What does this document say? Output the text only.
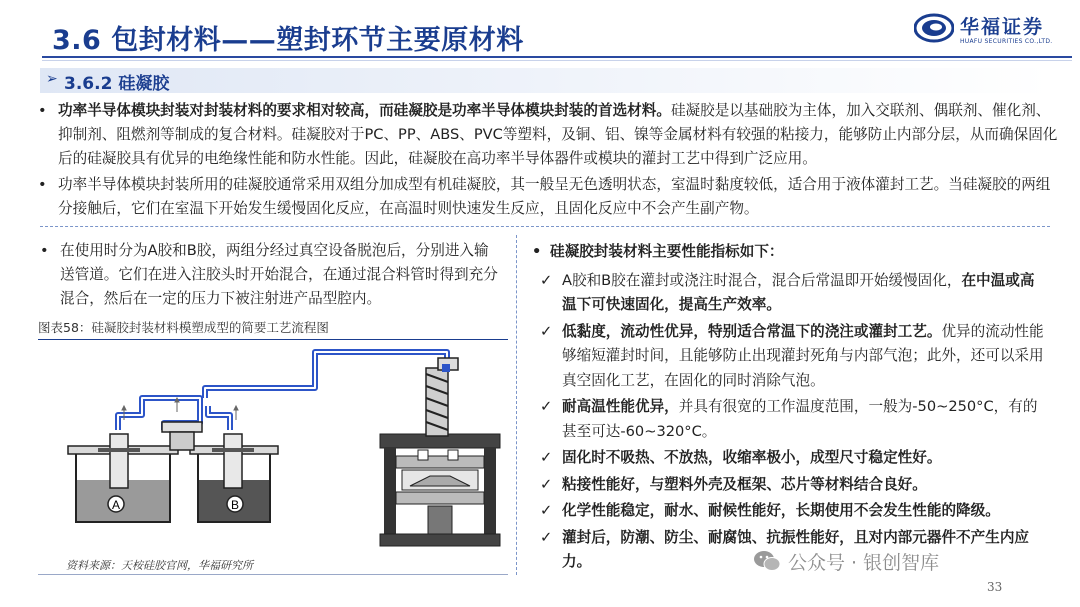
3.6 包封材料——塑封环节主要原材料	华福证券
HUAFU SECURITIES CO.,LTD.
➢ 3.6.2 硅凝胶
• 功率半导体模块封装对封装材料的要求相对较高，而硅凝胶是功率半导体模块封装的首选材料。硅凝胶是以基础胶为主体，加入交联剂、偶联剂、催化剂、抑制剂、阻燃剂等制成的复合材料。硅凝胶对于PC、PP、ABS、PVC等塑料，及铜、铝、镍等金属材料有较强的粘接力，能够防止内部分层，从而确保固化后的硅凝胶具有优异的电绝缘性能和防水性能。因此，硅凝胶在高功率半导体器件或模块的灌封工艺中得到广泛应用。
• 功率半导体模块封装所用的硅凝胶通常采用双组分加成型有机硅凝胶，其一般呈无色透明状态，室温时黏度较低，适合用于液体灌封工艺。当硅凝胶的两组分接触后，它们在室温下开始发生缓慢固化反应，在高温时则快速发生反应，且固化反应中不会产生副产物。
• 在使用时分为A胶和B胶，两组分经过真空设备脱泡后，分别进入输送管道。它们在进入注胶头时开始混合，在通过混合料管时得到充分混合，然后在一定的压力下被注射进产品型腔内。
图表58：硅凝胶封装材料模塑成型的简要工艺流程图
A	B
资料来源：天桉硅胶官网，华福研究所
• 硅凝胶封装材料主要性能指标如下：
✓ A胶和B胶在灌封或浇注时混合，混合后常温即开始缓慢固化，在中温或高温下可快速固化，提高生产效率。
✓ 低黏度，流动性优异，特别适合常温下的浇注或灌封工艺。优异的流动性能够缩短灌封时间，且能够防止出现灌封死角与内部气泡；此外，还可以采用真空固化工艺，在固化的同时消除气泡。
✓ 耐高温性能优异，并具有很宽的工作温度范围，一般为-50~250°C，有的甚至可达-60~320°C。
✓ 固化时不吸热、不放热，收缩率极小，成型尺寸稳定性好。
✓ 粘接性能好，与塑料外壳及框架、芯片等材料结合良好。
✓ 化学性能稳定，耐水、耐候性能好，长期使用不会发生性能的降级。
✓ 灌封后，防潮、防尘、耐腐蚀、抗振性能好，且对内部元器件不产生内应力。	公众号 · 银创智库
33
